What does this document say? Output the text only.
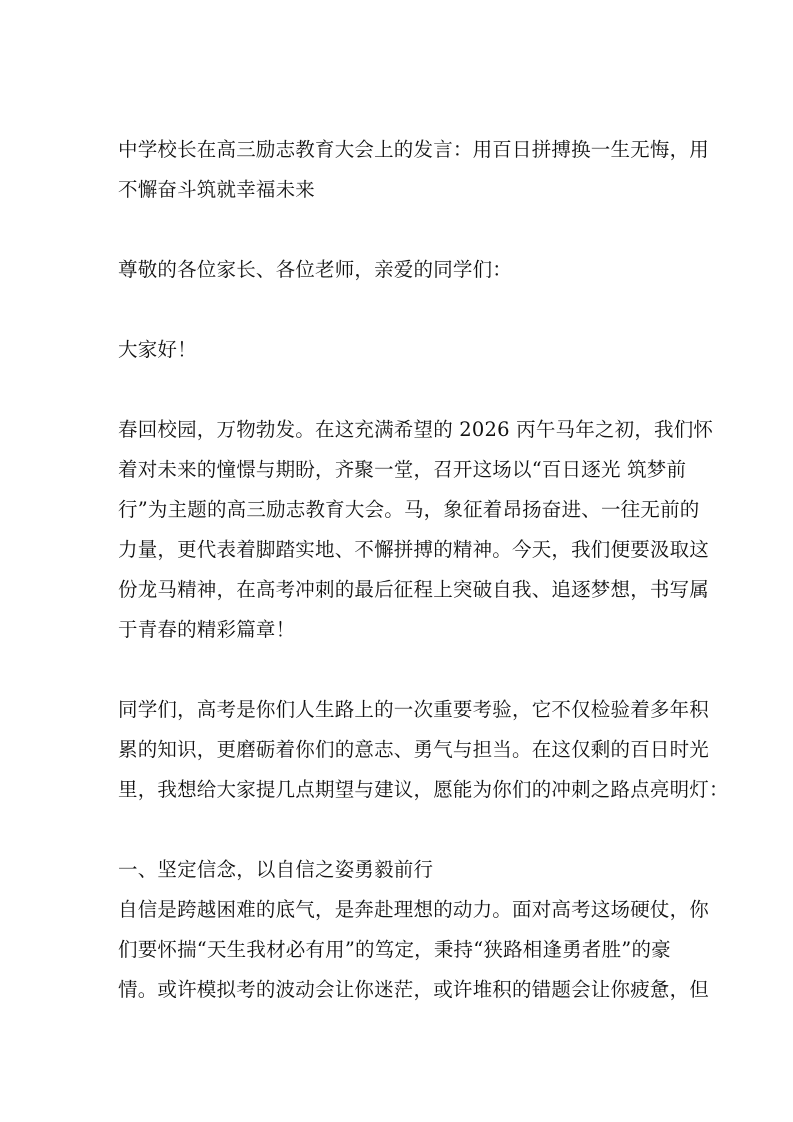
中学校长在高三励志教育大会上的发言：用百日拼搏换一生无悔，用
不懈奋斗筑就幸福未来
尊敬的各位家长、各位老师，亲爱的同学们：
大家好！
春回校园，万物勃发。在这充满希望的 2026 丙午马年之初，我们怀
着对未来的憧憬与期盼，齐聚一堂，召开这场以“百日逐光 筑梦前
行”为主题的高三励志教育大会。马，象征着昂扬奋进、一往无前的
力量，更代表着脚踏实地、不懈拼搏的精神。今天，我们便要汲取这
份龙马精神，在高考冲刺的最后征程上突破自我、追逐梦想，书写属
于青春的精彩篇章！
同学们，高考是你们人生路上的一次重要考验，它不仅检验着多年积
累的知识，更磨砺着你们的意志、勇气与担当。在这仅剩的百日时光
里，我想给大家提几点期望与建议，愿能为你们的冲刺之路点亮明灯：
一、坚定信念，以自信之姿勇毅前行
自信是跨越困难的底气，是奔赴理想的动力。面对高考这场硬仗，你
们要怀揣“天生我材必有用”的笃定，秉持“狭路相逢勇者胜”的豪
情。或许模拟考的波动会让你迷茫，或许堆积的错题会让你疲惫，但
